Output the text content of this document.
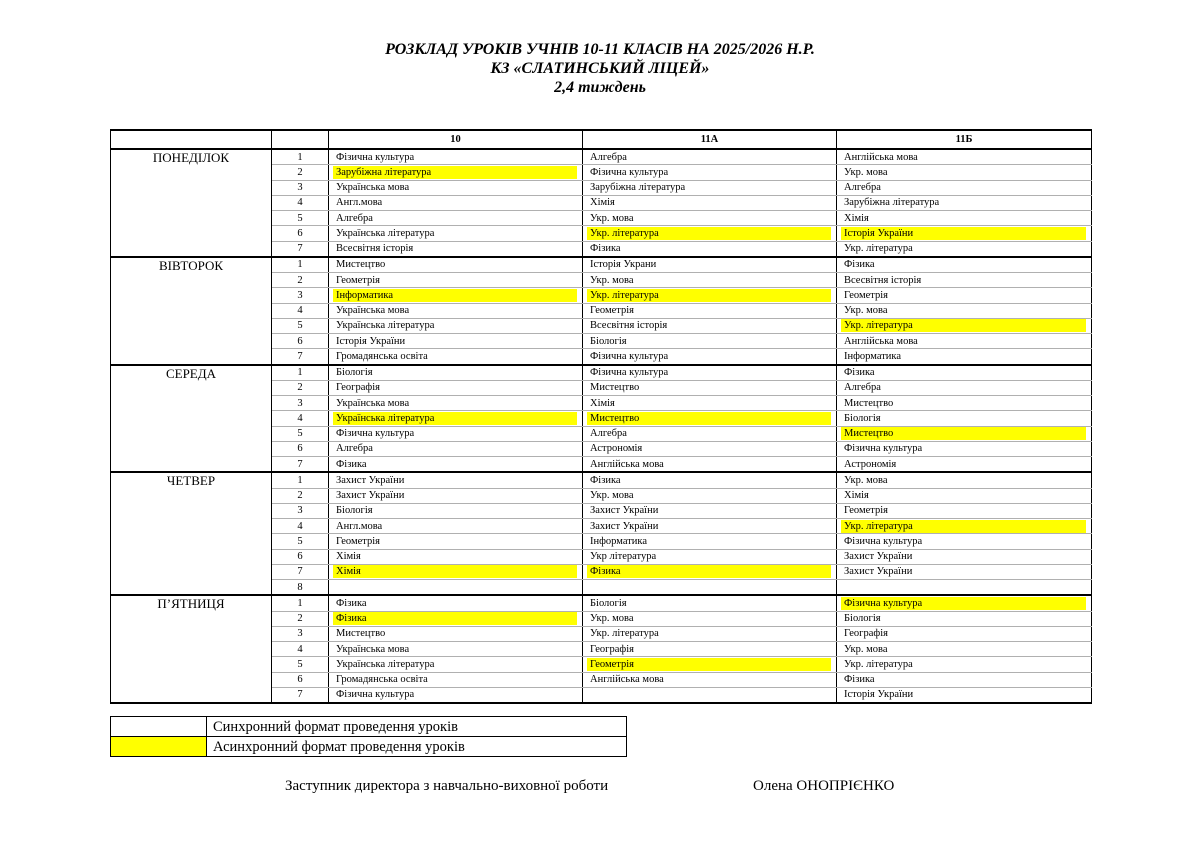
РОЗКЛАД УРОКІВ УЧНІВ 10-11 КЛАСІВ НА 2025/2026 Н.Р.
КЗ «СЛАТИНСЬКИЙ ЛІЦЕЙ»
2,4 тиждень
		10	11А	11Б
ПОНЕДІЛОК	1	Фізична культура	Алгебра	Англійська мова
	2	Зарубіжна література	Фізична культура	Укр. мова
	3	Українська мова	Зарубіжна література	Алгебра
	4	Англ.мова	Хімія	Зарубіжна література
	5	Алгебра	Укр. мова	Хімія
	6	Українська література	Укр. література	Історія України

	7	Всесвітня історія	Фізика	Укр. література
ВІВТОРОК	1	Мистецтво	Історія Украни	Фізика
	2	Геометрія	Укр. мова	Всесвітня історія
	3	Інформатика	Укр. література	Геометрія
	4	Українська мова	Геометрія	Укр. мова
	5	Українська література	Всесвітня історія	Укр. література

	6	Історія України	Біологія	Англійська мова
	7	Громадянська освіта	Фізична культура	Інформатика
СЕРЕДА	1	Біологія	Фізична культура	Фізика
	2	Географія	Мистецтво	Алгебра
	3	Українська мова	Хімія	Мистецтво
	4	Українська література	Мистецтво	Біологія
	5	Фізична культура	Алгебра	Мистецтво

	6	Алгебра	Астрономія	Фізична культура
	7	Фізика	Англійська мова	Астрономія
ЧЕТВЕР	1	Захист України	Фізика	Укр. мова
	2	Захист України	Укр. мова	Хімія
	3	Біологія	Захист України	Геометрія
	4	Англ.мова	Захист України	Укр. література

	5	Геометрія	Інформатика	Фізична культура
	6	Хімія	Укр література	Захист України
	7	Хімія	Фізика	Захист України
	8			
П’ЯТНИЦЯ	1	Фізика	Біологія	Фізична культура

	2	Фізика	Укр. мова	Біологія
	3	Мистецтво	Укр. література	Географія
	4	Українська мова	Географія	Укр. мова
	5	Українська література	Геометрія	Укр. література
	6	Громадянська освіта	Англійська мова	Фізика
	7	Фізична культура		Історія України
	Синхронний формат проведення уроків
	Асинхронний формат проведення уроків
Заступник директора з навчально-виховної роботи	Олена ОНОПРІЄНКО
